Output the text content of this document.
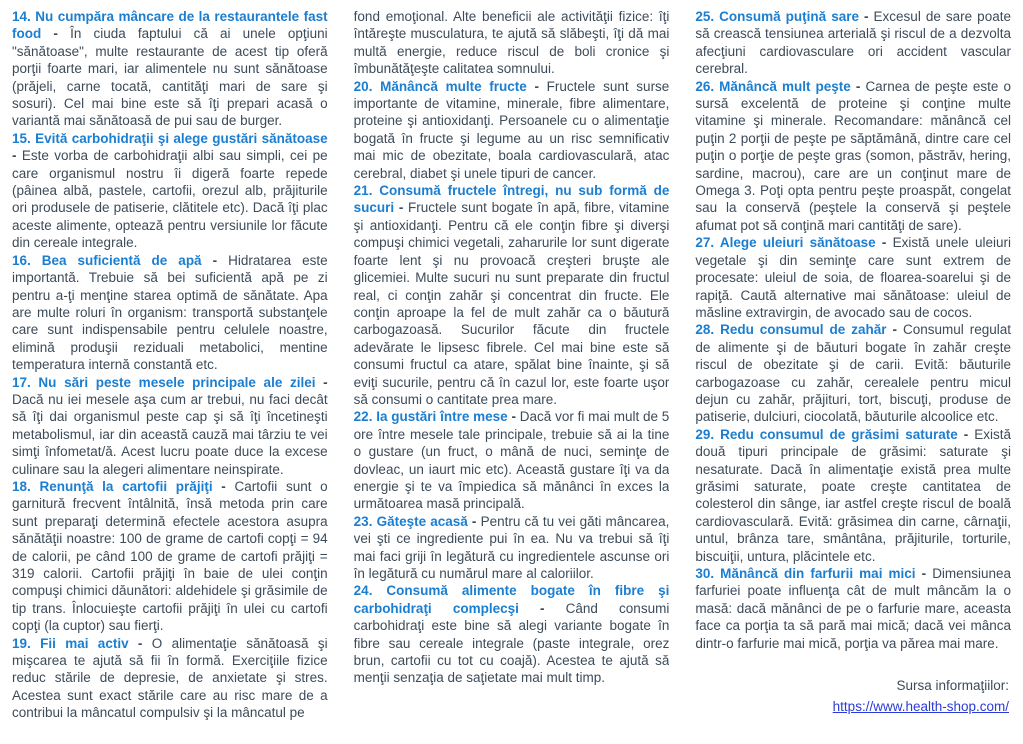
14. Nu cumpăra mâncare de la restaurantele fast food - În ciuda faptului că ai unele opţiuni "sănătoase", multe restaurante de acest tip oferă porţii foarte mari, iar alimentele nu sunt sănătoase (prăjeli, carne tocată, cantităţi mari de sare şi sosuri). Cel mai bine este să îţi prepari acasă o variantă mai sănătoasă de pui sau de burger.

15. Evită carbohidraţii şi alege gustări sănătoase - Este vorba de carbohidraţii albi sau simpli, cei pe care organismul nostru îi digeră foarte repede (pâinea albă, pastele, cartofii, orezul alb, prăjiturile ori produsele de patiserie, clătitele etc). Dacă îţi plac aceste alimente, optează pentru versiunile lor făcute din cereale integrale.

16. Bea suficientă de apă - Hidratarea este importantă. Trebuie să bei suficientă apă pe zi pentru a-ţi menţine starea optimă de sănătate. Apa are multe roluri în organism: transportă substanţele care sunt indispensabile pentru celulele noastre, elimină produşii reziduali metabolici, mentine temperatura internă constantă etc.

17. Nu sări peste mesele principale ale zilei - Dacă nu iei mesele aşa cum ar trebui, nu faci decât să îţi dai organismul peste cap şi să îţi încetineşti metabolismul, iar din această cauză mai târziu te vei simţi înfometat/ă. Acest lucru poate duce la excese culinare sau la alegeri alimentare neinspirate.

18. Renunţă la cartofii prăjiţi - Cartofii sunt o garnitură frecvent întâlnită, însă metoda prin care sunt preparaţi determină efectele acestora asupra sănătăţii noastre: 100 de grame de cartofi copţi = 94 de calorii, pe când 100 de grame de cartofi prăjiţi = 319 calorii. Cartofii prăjiţi în baie de ulei conţin compuşi chimici dăunători: aldehidele şi grăsimile de tip trans. Înlocuieşte cartofii prăjiţi în ulei cu cartofi copţi (la cuptor) sau fierţi.

19. Fii mai activ - O alimentaţie sănătoasă şi mişcarea te ajută să fii în formă. Exerciţiile fizice reduc stările de depresie, de anxietate şi stres. Acestea sunt exact stările care au risc mare de a contribui la mâncatul compulsiv şi la mâncatul pe

fond emoţional. Alte beneficii ale activităţii fizice: îţi întăreşte musculatura, te ajută să slăbeşti, îţi dă mai multă energie, reduce riscul de boli cronice şi îmbunătăţeşte calitatea somnului.

20. Mănâncă multe fructe - Fructele sunt surse importante de vitamine, minerale, fibre alimentare, proteine şi antioxidanţi. Persoanele cu o alimentaţie bogată în fructe şi legume au un risc semnificativ mai mic de obezitate, boala cardiovasculară, atac cerebral, diabet şi unele tipuri de cancer.

21. Consumă fructele întregi, nu sub formă de sucuri - Fructele sunt bogate în apă, fibre, vitamine şi antioxidanţi. Pentru că ele conţin fibre şi diverşi compuşi chimici vegetali, zaharurile lor sunt digerate foarte lent şi nu provoacă creşteri bruşte ale glicemiei. Multe sucuri nu sunt preparate din fructul real, ci conţin zahăr şi concentrat din fructe. Ele conţin aproape la fel de mult zahăr ca o băutură carbogazoasă. Sucurilor făcute din fructele adevărate le lipsesc fibrele. Cel mai bine este să consumi fructul ca atare, spălat bine înainte, şi să eviţi sucurile, pentru că în cazul lor, este foarte uşor să consumi o cantitate prea mare.

22. Ia gustări între mese - Dacă vor fi mai mult de 5 ore între mesele tale principale, trebuie să ai la tine o gustare (un fruct, o mână de nuci, seminţe de dovleac, un iaurt mic etc). Această gustare îţi va da energie şi te va împiedica să mănânci în exces la următoarea masă principală.

23. Găteşte acasă - Pentru că tu vei găti mâncarea, vei şti ce ingrediente pui în ea. Nu va trebui să îţi mai faci griji în legătură cu ingredientele ascunse ori în legătură cu numărul mare al caloriilor.

24. Consumă alimente bogate în fibre şi carbohidraţi complecşi - Când consumi carbohidraţi este bine să alegi variante bogate în fibre sau cereale integrale (paste integrale, orez brun, cartofii cu tot cu coajă). Acestea te ajută să menţii senzaţia de saţietate mai mult timp.

25. Consumă puţină sare - Excesul de sare poate să crească tensiunea arterială şi riscul de a dezvolta afecţiuni cardiovasculare ori accident vascular cerebral.

26. Mănâncă mult peşte - Carnea de peşte este o sursă excelentă de proteine şi conţine multe vitamine şi minerale. Recomandare: mănâncă cel puţin 2 porţii de peşte pe săptămână, dintre care cel puţin o porţie de peşte gras (somon, păstrăv, hering, sardine, macrou), care are un conţinut mare de Omega 3. Poţi opta pentru peşte proaspăt, congelat sau la conservă (peştele la conservă şi peştele afumat pot să conţină mari cantităţi de sare).

27. Alege uleiuri sănătoase - Există unele uleiuri vegetale şi din seminţe care sunt extrem de procesate: uleiul de soia, de floarea-soarelui şi de rapiţă. Caută alternative mai sănătoase: uleiul de măsline extravirgin, de avocado sau de cocos.

28. Redu consumul de zahăr - Consumul regulat de alimente şi de băuturi bogate în zahăr creşte riscul de obezitate şi de carii. Evită: băuturile carbogazoase cu zahăr, cerealele pentru micul dejun cu zahăr, prăjituri, tort, biscuţi, produse de patiserie, dulciuri, ciocolată, băuturile alcoolice etc.

29. Redu consumul de grăsimi saturate - Există două tipuri principale de grăsimi: saturate şi nesaturate. Dacă în alimentaţie există prea multe grăsimi saturate, poate creşte cantitatea de colesterol din sânge, iar astfel creşte riscul de boală cardiovasculară. Evită: grăsimea din carne, cârnaţii, untul, brânza tare, smântâna, prăjiturile, torturile, biscuiţii, untura, plăcintele etc.

30. Mănâncă din farfurii mai mici - Dimensiunea farfuriei poate influenţa cât de mult mâncăm la o masă: dacă mănânci de pe o farfurie mare, aceasta face ca porţia ta să pară mai mică; dacă vei mânca dintr-o farfurie mai mică, porţia va părea mai mare.

Sursa informaţiilor:
https://www.health-shop.com/
